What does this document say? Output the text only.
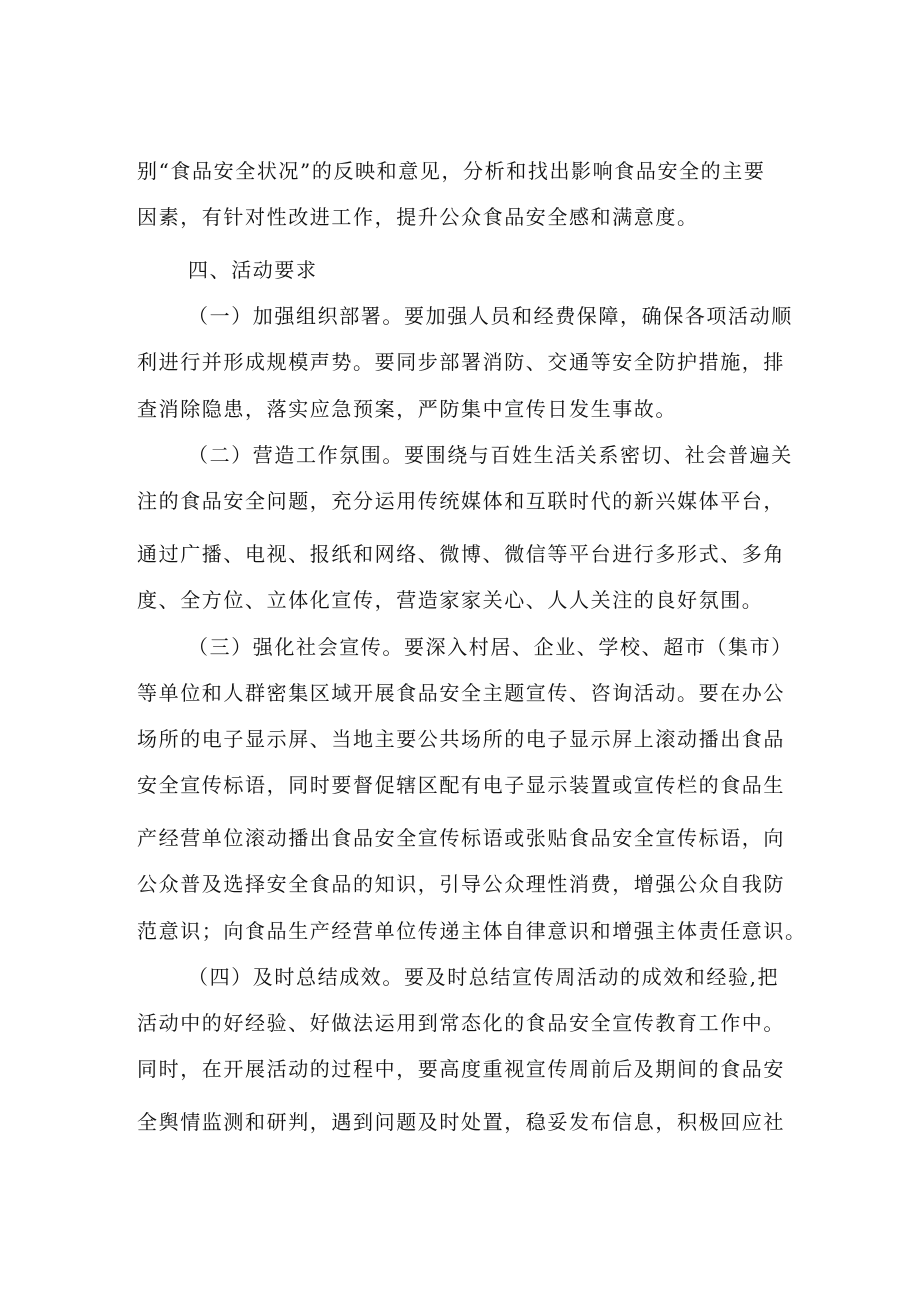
别“食品安全状况”的反映和意见，分析和找出影响食品安全的主要
因素，有针对性改进工作，提升公众食品安全感和满意度。
四、活动要求
（一）加强组织部署。要加强人员和经费保障，确保各项活动顺
利进行并形成规模声势。要同步部署消防、交通等安全防护措施，排
查消除隐患，落实应急预案，严防集中宣传日发生事故。
（二）营造工作氛围。要围绕与百姓生活关系密切、社会普遍关
注的食品安全问题，充分运用传统媒体和互联时代的新兴媒体平台，
通过广播、电视、报纸和网络、微博、微信等平台进行多形式、多角
度、全方位、立体化宣传，营造家家关心、人人关注的良好氛围。
（三）强化社会宣传。要深入村居、企业、学校、超市（集市）
等单位和人群密集区域开展食品安全主题宣传、咨询活动。要在办公
场所的电子显示屏、当地主要公共场所的电子显示屏上滚动播出食品
安全宣传标语，同时要督促辖区配有电子显示装置或宣传栏的食品生
产经营单位滚动播出食品安全宣传标语或张贴食品安全宣传标语，向
公众普及选择安全食品的知识，引导公众理性消费，增强公众自我防
范意识；向食品生产经营单位传递主体自律意识和增强主体责任意识。
（四）及时总结成效。要及时总结宣传周活动的成效和经验,把
活动中的好经验、好做法运用到常态化的食品安全宣传教育工作中。
同时，在开展活动的过程中，要高度重视宣传周前后及期间的食品安
全舆情监测和研判，遇到问题及时处置，稳妥发布信息，积极回应社
